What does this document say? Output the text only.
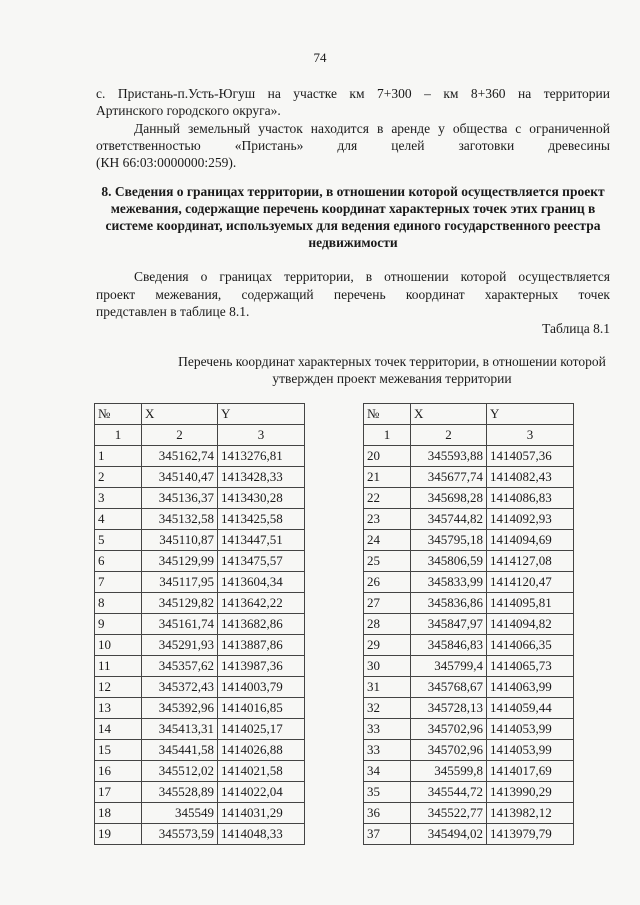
74

с. Пристань-п.Усть-Югуш на участке км 7+300 – км 8+360 на территории

Артинского городского округа».

Данный земельный участок находится в аренде у общества с ограниченной

ответственностью «Пристань» для целей заготовки древесины

(КН 66:03:0000000:259).

8. Сведения о границах территории, в отношении которой осуществляется проект межевания, содержащие перечень координат характерных точек этих границ в системе координат, используемых для ведения единого государственного реестра недвижимости

Сведения о границах территории, в отношении которой осуществляется

проект межевания, содержащий перечень координат характерных точек

представлен в таблице 8.1.

Таблица 8.1

Перечень координат характерных точек территории, в отношении которой утвержден проект межевания территории

№	X	Y
1	2	3
1	345162,74	1413276,81
2	345140,47	1413428,33
3	345136,37	1413430,28
4	345132,58	1413425,58
5	345110,87	1413447,51
6	345129,99	1413475,57
7	345117,95	1413604,34
8	345129,82	1413642,22
9	345161,74	1413682,86
10	345291,93	1413887,86
11	345357,62	1413987,36
12	345372,43	1414003,79
13	345392,96	1414016,85
14	345413,31	1414025,17
15	345441,58	1414026,88
16	345512,02	1414021,58
17	345528,89	1414022,04
18	345549	1414031,29
19	345573,59	1414048,33
№	X	Y
1	2	3
20	345593,88	1414057,36
21	345677,74	1414082,43
22	345698,28	1414086,83
23	345744,82	1414092,93
24	345795,18	1414094,69
25	345806,59	1414127,08
26	345833,99	1414120,47
27	345836,86	1414095,81
28	345847,97	1414094,82
29	345846,83	1414066,35
30	345799,4	1414065,73
31	345768,67	1414063,99
32	345728,13	1414059,44
33	345702,96	1414053,99
33	345702,96	1414053,99
34	345599,8	1414017,69
35	345544,72	1413990,29
36	345522,77	1413982,12
37	345494,02	1413979,79
